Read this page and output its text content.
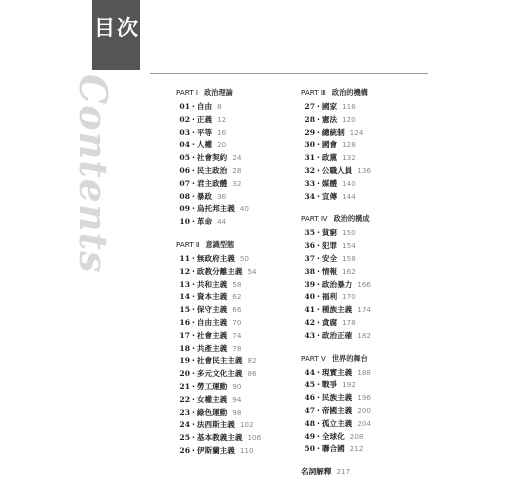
目次
Contents	PART Ⅰ 政治理論
01 · 自由 8
02 · 正義 12
03 · 平等 16
04 · 人權 20
05 · 社會契約 24
06 · 民主政治 28
07 · 君主政體 32
08 · 暴政 36
09 · 烏托邦主義 40
10 · 革命 44
PART Ⅱ 意識型態
11 · 無政府主義 50
12 · 政教分離主義 54
13 · 共和主義 58
14 · 資本主義 62
15 · 保守主義 66
16 · 自由主義 70
17 · 社會主義 74
18 · 共產主義 78
19 · 社會民主主義 82
20 · 多元文化主義 86
21 · 勞工運動 90
22 · 女權主義 94
23 · 綠色運動 98
24 · 法西斯主義 102
25 · 基本教義主義 106
26 · 伊斯蘭主義 110
PART Ⅲ 政治的機構
27 · 國家 116
28 · 憲法 120
29 · 總統制 124
30 · 國會 128
31 · 政黨 132
32 · 公職人員 136
33 · 媒體 140
34 · 宣傳 144
PART Ⅳ 政治的構成
35 · 貧窮 150
36 · 犯罪 154
37 · 安全 158
38 · 情報 162
39 · 政治暴力 166
40 · 福利 170
41 · 種族主義 174
42 · 貪腐 178
43 · 政治正確 182
PART Ⅴ 世界的舞台
44 · 現實主義 188
45 · 戰爭 192
46 · 民族主義 196
47 · 帝國主義 200
48 · 孤立主義 204
49 · 全球化 208
50 · 聯合國 212
名詞解釋 217
